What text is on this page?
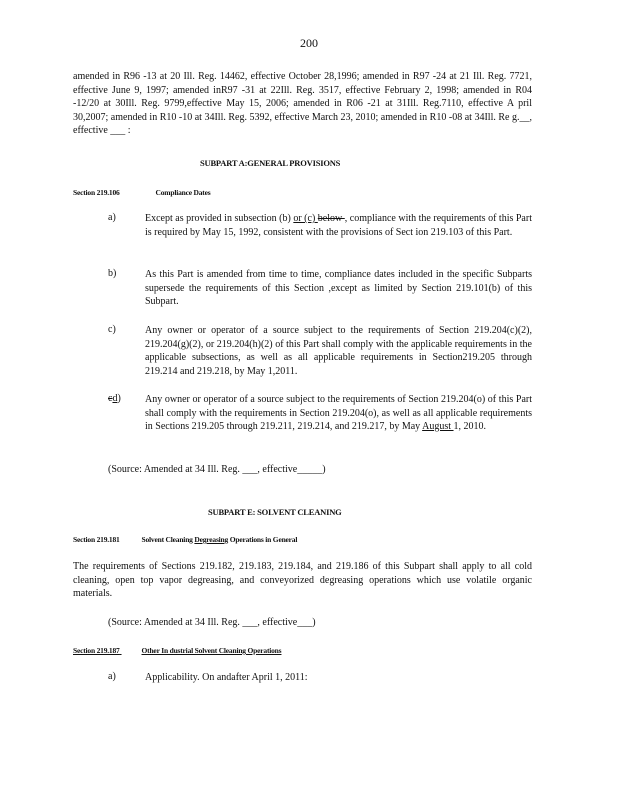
200
amended in R96 -13 at 20 Ill. Reg. 14462, effective October 28,1996; amended in R97 -24 at 21 Ill. Reg. 7721, effective June 9, 1997; amended inR97 -31 at 22Ill. Reg. 3517, effective February 2, 1998; amended in R04 -12/20 at 30Ill. Reg. 9799,effective May 15, 2006; amended in R06 -21 at 31Ill. Reg.7110, effective A pril 30,2007; amended in R10 -10 at 34Ill. Reg. 5392, effective March 23, 2010; amended in R10 -08 at 34Ill. Re g.__, effective ___ :
SUBPART A:GENERAL PROVISIONS
Section 219.106	Compliance Dates
a)	Except as provided in subsection (b) or (c) below , compliance with the requirements of this Part is required by May 15, 1992, consistent with the provisions of Sect ion 219.103 of this Part.
b)	As this Part is amended from time to time, compliance dates included in the specific Subparts supersede the requirements of this Section ,except as limited by Section 219.101(b) of this Subpart.
c)	Any owner or operator of a source subject to the requirements of Section 219.204(c)(2), 219.204(g)(2), or 219.204(h)(2) of this Part shall comply with the applicable requirements in the applicable subsections, as well as all applicable requirements in Section219.205 through 219.214 and 219.218, by May 1,2011.
cd) Any owner or operator of a source subject to the requirements of Section 219.204(o) of this Part shall comply with the requirements in Section 219.204(o), as well as all applicable requirements in Sections 219.205 through 219.211, 219.214, and 219.217, by May August 1, 2010.
(Source: Amended at 34 Ill. Reg. ___, effective_____)
SUBPART E: SOLVENT CLEANING
Section 219.181	Solvent Cleaning Degreasing Operations in General
The requirements of Sections 219.182, 219.183, 219.184, and 219.186 of this Subpart shall apply to all cold cleaning, open top vapor degreasing, and conveyorized degreasing operations which use volatile organic materials.
(Source: Amended at 34 Ill. Reg. ___, effective___)
Section 219.187	Other In dustrial Solvent Cleaning Operations
a)	Applicability. On andafter April 1, 2011:
